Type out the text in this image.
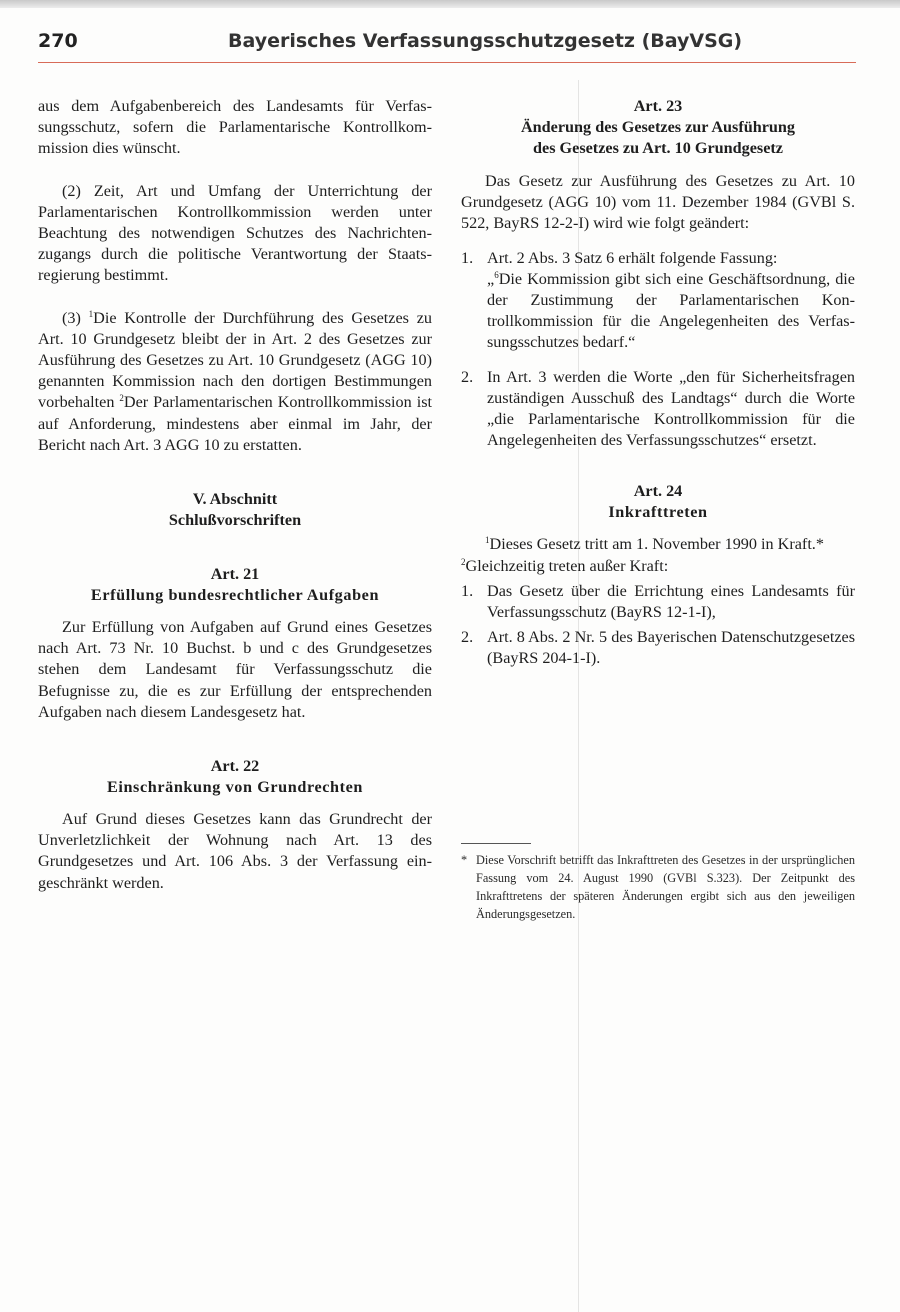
270	Bayerisches Verfassungsschutzgesetz (BayVSG)

aus dem Aufgabenbereich des Landesamts für Verfassungsschutz, sofern die Parlamentarische Kontrollkommission dies wünscht.

(2) Zeit, Art und Umfang der Unterrichtung der Parlamentarischen Kontrollkommission werden unter Beachtung des notwendigen Schutzes des Nachrichtenzugangs durch die politische Verantwortung der Staatsregierung bestimmt.

(3) $^1$Die Kontrolle der Durchführung des Gesetzes zu Art. 10 Grundgesetz bleibt der in Art. 2 des Gesetzes zur Ausführung des Gesetzes zu Art. 10 Grundgesetz (AGG 10) genannten Kommission nach den dortigen Bestimmungen vorbehalten $^2$Der Parlamentarischen Kontrollkommission ist auf Anforderung, mindestens aber einmal im Jahr, der Bericht nach Art. 3 AGG 10 zu erstatten.

V. Abschnitt

Schlußvorschriften

Art. 21

Erfüllung bundesrechtlicher Aufgaben

Zur Erfüllung von Aufgaben auf Grund eines Gesetzes nach Art. 73 Nr. 10 Buchst. b und c des Grundgesetzes stehen dem Landesamt für Verfassungsschutz die Befugnisse zu, die es zur Erfüllung der entsprechenden Aufgaben nach diesem Landesgesetz hat.

Art. 22

Einschränkung von Grundrechten

Auf Grund dieses Gesetzes kann das Grundrecht der Unverletzlichkeit der Wohnung nach Art. 13 des Grundgesetzes und Art. 106 Abs. 3 der Verfassung eingeschränkt werden.

Art. 23

Änderung des Gesetzes zur Ausführung

des Gesetzes zu Art. 10 Grundgesetz

Das Gesetz zur Ausführung des Gesetzes zu Art. 10 Grundgesetz (AGG 10) vom 11. Dezember 1984 (GVBl S. 522, BayRS 12-2-I) wird wie folgt geändert:

1. Art. 2 Abs. 3 Satz 6 erhält folgende Fassung:
„$^6$Die Kommission gibt sich eine Geschäftsordnung, die der Zustimmung der Parlamentarischen Kontrollkommission für die Angelegenheiten des Verfassungsschutzes bedarf.“
2. In Art. 3 werden die Worte „den für Sicherheitsfragen zuständigen Ausschuß des Landtags“ durch die Worte „die Parlamentarische Kontrollkommission für die Angelegenheiten des Verfassungsschutzes“ ersetzt.

Art. 24

Inkrafttreten

$^1$Dieses Gesetz tritt am 1. November 1990 in Kraft.*

$^2$Gleichzeitig treten außer Kraft:

1. Das Gesetz über die Errichtung eines Landesamts für Verfassungsschutz (BayRS 12-1-I),
2. Art. 8 Abs. 2 Nr. 5 des Bayerischen Datenschutzgesetzes (BayRS 204-1-I).

* Diese Vorschrift betrifft das Inkrafttreten des Gesetzes in der ursprünglichen Fassung vom 24. August 1990 (GVBl S.323). Der Zeitpunkt des Inkrafttretens der späteren Änderungen ergibt sich aus den jeweiligen Änderungsgesetzen.
